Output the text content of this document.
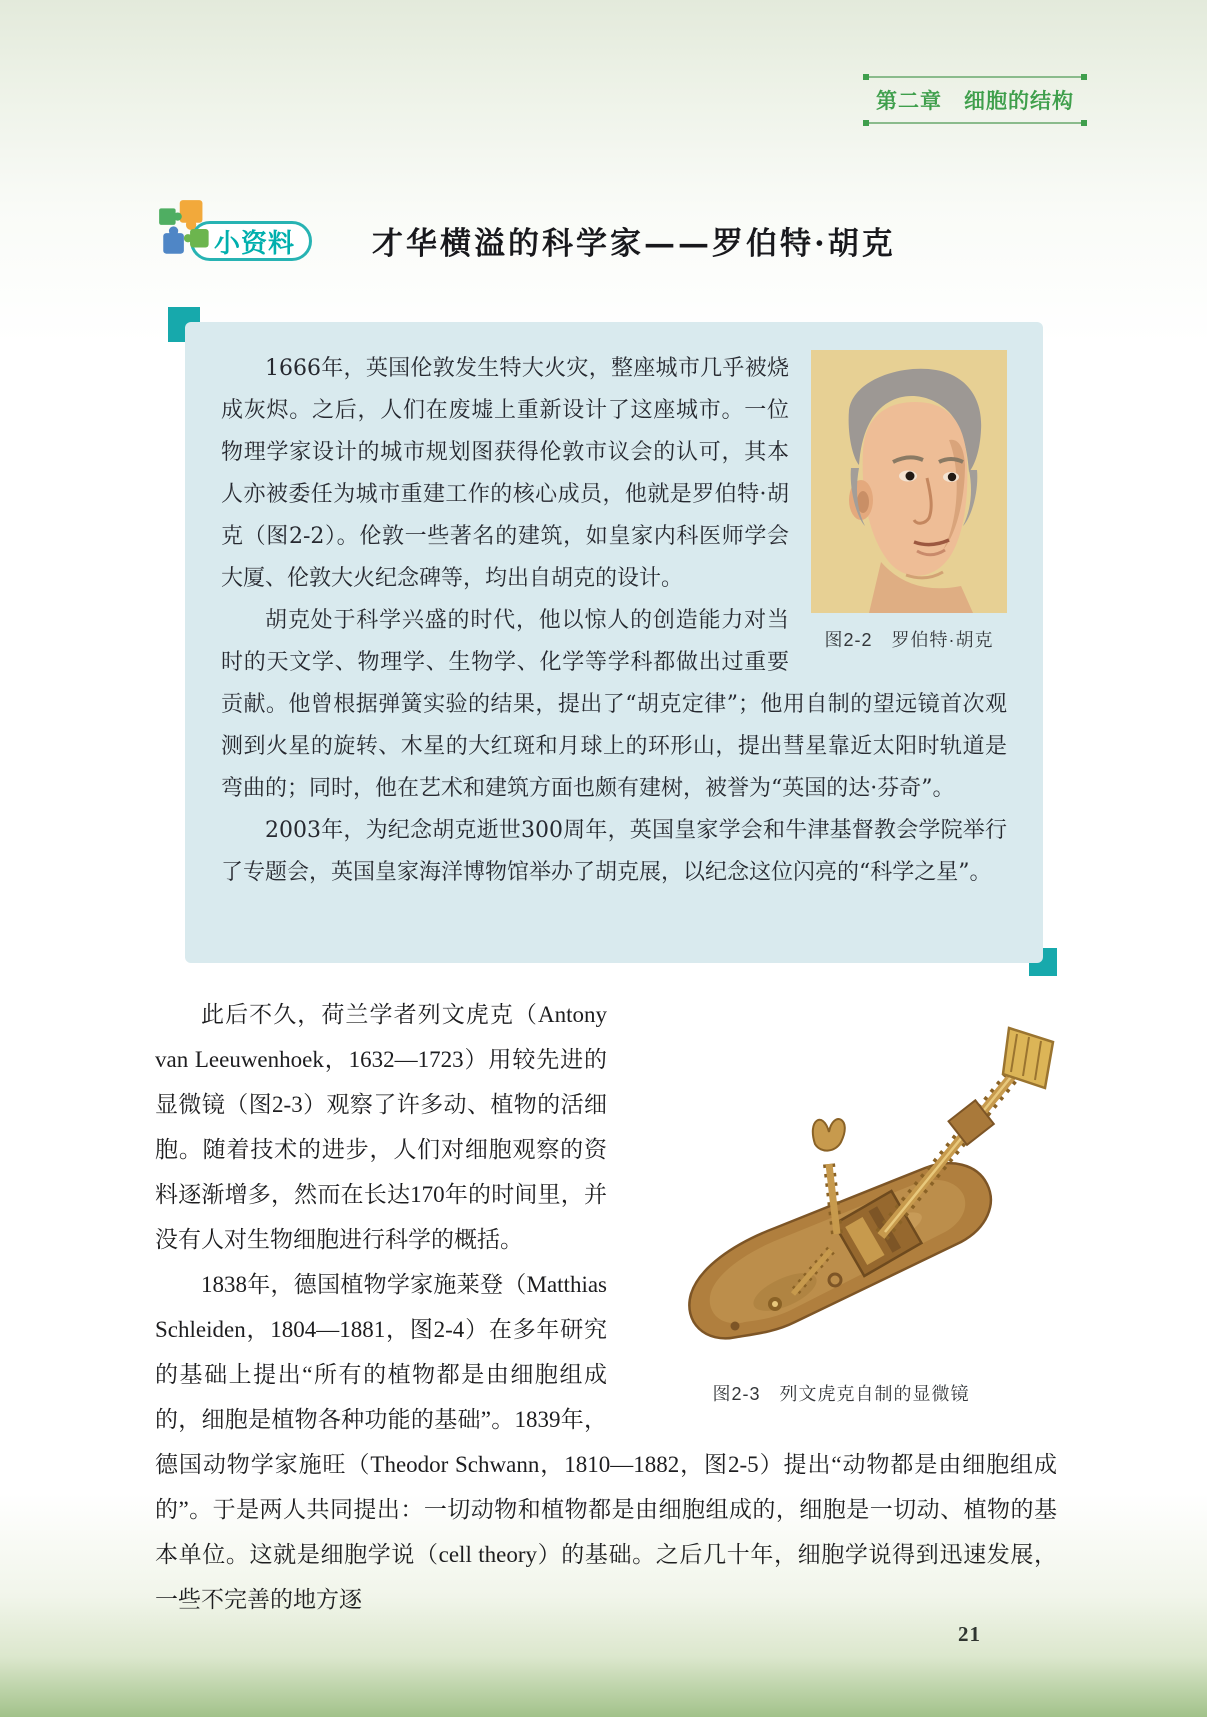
第二章　细胞的结构
小资料 才华横溢的科学家——罗伯特·胡克
图2-2　罗伯特·胡克

1666年，英国伦敦发生特大火灾，整座城市几乎被烧成灰烬。之后，人们在废墟上重新设计了这座城市。一位物理学家设计的城市规划图获得伦敦市议会的认可，其本人亦被委任为城市重建工作的核心成员，他就是罗伯特·胡克（图2-2）。伦敦一些著名的建筑，如皇家内科医师学会大厦、伦敦大火纪念碑等，均出自胡克的设计。

胡克处于科学兴盛的时代，他以惊人的创造能力对当时的天文学、物理学、生物学、化学等学科都做出过重要贡献。他曾根据弹簧实验的结果，提出了“胡克定律”；他用自制的望远镜首次观测到火星的旋转、木星的大红斑和月球上的环形山，提出彗星靠近太阳时轨道是弯曲的；同时，他在艺术和建筑方面也颇有建树，被誉为“英国的达·芬奇”。

2003年，为纪念胡克逝世300周年，英国皇家学会和牛津基督教会学院举行了专题会，英国皇家海洋博物馆举办了胡克展，以纪念这位闪亮的“科学之星”。

图2-3　列文虎克自制的显微镜

此后不久，荷兰学者列文虎克（Antony van Leeuwenhoek，1632—1723）用较先进的显微镜（图2-3）观察了许多动、植物的活细胞。随着技术的进步，人们对细胞观察的资料逐渐增多，然而在长达170年的时间里，并没有人对生物细胞进行科学的概括。

1838年，德国植物学家施莱登（Matthias Schleiden，1804—1881，图2-4）在多年研究的基础上提出“所有的植物都是由细胞组成的，细胞是植物各种功能的基础”。1839年，德国动物学家施旺（Theodor Schwann，1810—1882，图2-5）提出“动物都是由细胞组成的”。于是两人共同提出：一切动物和植物都是由细胞组成的，细胞是一切动、植物的基本单位。这就是细胞学说（cell theory）的基础。之后几十年，细胞学说得到迅速发展，一些不完善的地方逐

21
